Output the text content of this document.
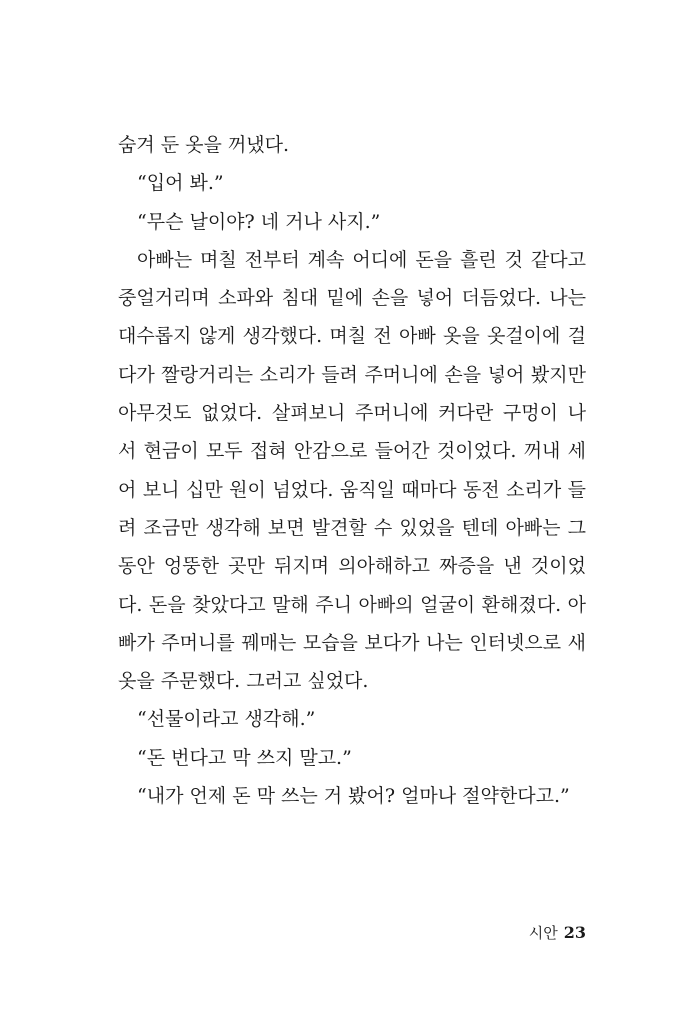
숨겨 둔 옷을 꺼냈다.
“입어 봐.”
“무슨 날이야? 네 거나 사지.”
아빠는 며칠 전부터 계속 어디에 돈을 흘린 것 같다고
중얼거리며 소파와 침대 밑에 손을 넣어 더듬었다. 나는
대수롭지 않게 생각했다. 며칠 전 아빠 옷을 옷걸이에 걸
다가 짤랑거리는 소리가 들려 주머니에 손을 넣어 봤지만
아무것도 없었다. 살펴보니 주머니에 커다란 구멍이 나
서 현금이 모두 접혀 안감으로 들어간 것이었다. 꺼내 세
어 보니 십만 원이 넘었다. 움직일 때마다 동전 소리가 들
려 조금만 생각해 보면 발견할 수 있었을 텐데 아빠는 그
동안 엉뚱한 곳만 뒤지며 의아해하고 짜증을 낸 것이었
다. 돈을 찾았다고 말해 주니 아빠의 얼굴이 환해졌다. 아
빠가 주머니를 꿰매는 모습을 보다가 나는 인터넷으로 새
옷을 주문했다. 그러고 싶었다.
“선물이라고 생각해.”
“돈 번다고 막 쓰지 말고.”
“내가 언제 돈 막 쓰는 거 봤어? 얼마나 절약한다고.”
시안 23
